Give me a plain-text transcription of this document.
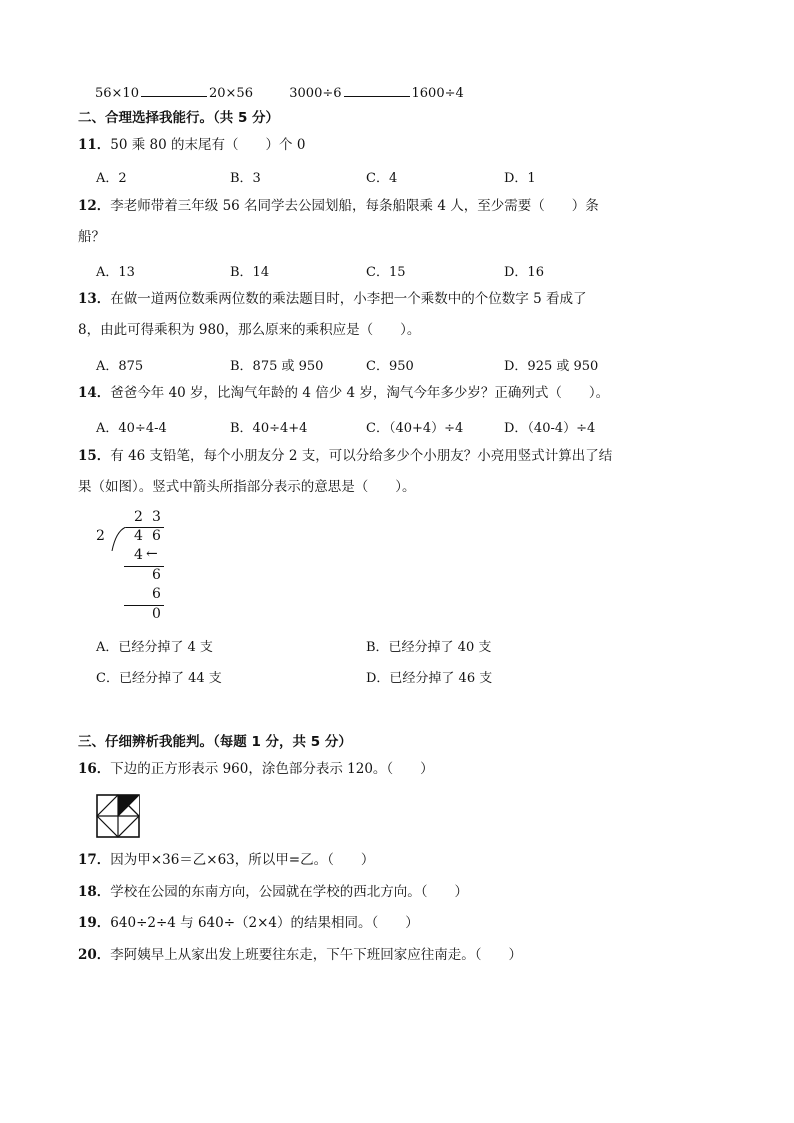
56×10	20×56	3000÷6	1600÷4
二、合理选择我能行。（共 5 分）
11．50 乘 80 的末尾有（　　）个 0
A．2	B．3	C．4	D．1
12．李老师带着三年级 56 名同学去公园划船，每条船限乘 4 人，至少需要（　　）条
船？
A．13	B．14	C．15	D．16
13．在做一道两位数乘两位数的乘法题目时，小李把一个乘数中的个位数字 5 看成了
8，由此可得乘积为 980，那么原来的乘积应是（　　）。
A．875	B．875 或 950	C．950	D．925 或 950
14．爸爸今年 40 岁，比淘气年龄的 4 倍少 4 岁，淘气今年多少岁？正确列式（　　）。
A．40÷4-4	B．40÷4+4	C．（40+4）÷4	D．（40-4）÷4
15．有 46 支铅笔，每个小朋友分 2 支，可以分给多少个小朋友？小亮用竖式计算出了结
果（如图）。竖式中箭头所指部分表示的意思是（　　）。
2 3
2 4 6
4 ←
6
6
0
A．已经分掉了 4 支	B．已经分掉了 40 支
C．已经分掉了 44 支	D．已经分掉了 46 支
三、仔细辨析我能判。（每题 1 分，共 5 分）
16．下边的正方形表示 960，涂色部分表示 120。（　　）
17．因为甲×36＝乙×63，所以甲=乙。（　　）
18．学校在公园的东南方向，公园就在学校的西北方向。（　　）
19．640÷2÷4 与 640÷（2×4）的结果相同。（　　）
20．李阿姨早上从家出发上班要往东走，下午下班回家应往南走。（　　）
